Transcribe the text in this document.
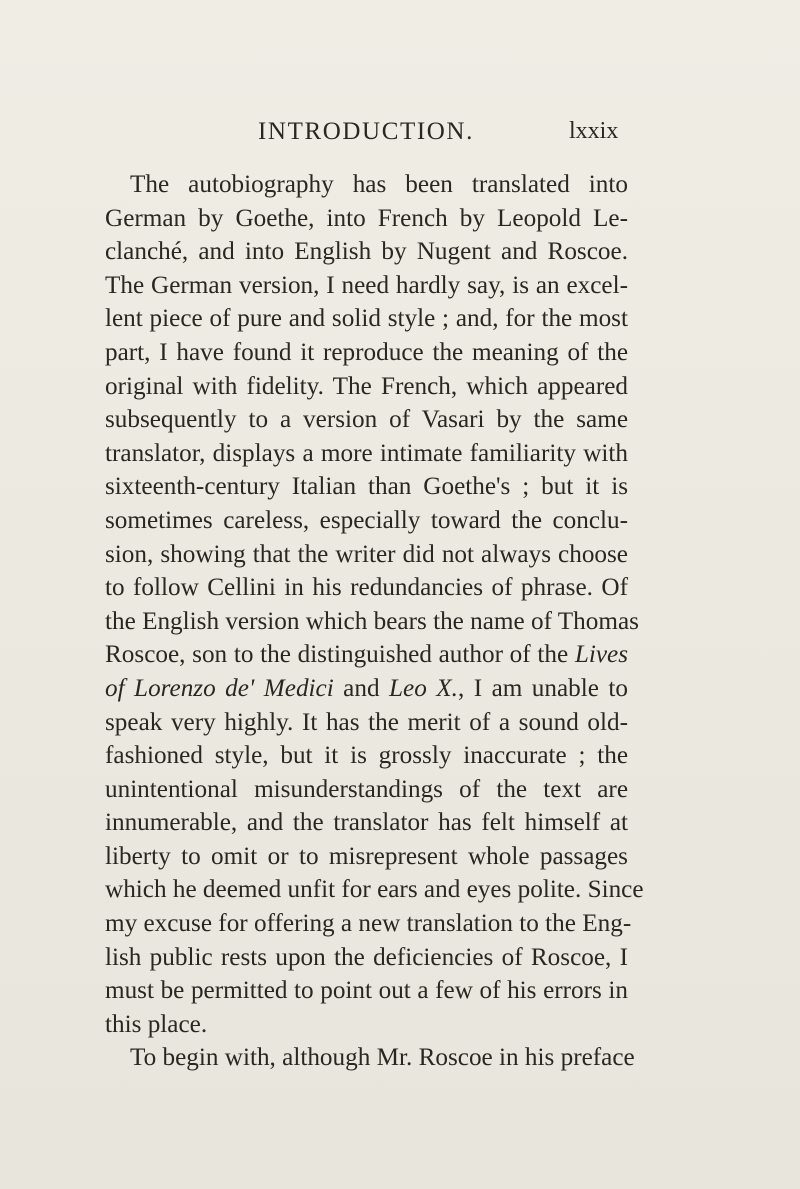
INTRODUCTION.	lxxix
The autobiography has been translated into
German by Goethe, into French by Leopold Le-
clanché, and into English by Nugent and Roscoe.
The German version, I need hardly say, is an excel-
lent piece of pure and solid style ; and, for the most
part, I have found it reproduce the meaning of the
original with fidelity. The French, which appeared
subsequently to a version of Vasari by the same
translator, displays a more intimate familiarity with
sixteenth-century Italian than Goethe's ; but it is
sometimes careless, especially toward the conclu-
sion, showing that the writer did not always choose
to follow Cellini in his redundancies of phrase. Of
the English version which bears the name of Thomas
Roscoe, son to the distinguished author of the Lives
of Lorenzo de' Medici and Leo X., I am unable to
speak very highly. It has the merit of a sound old-
fashioned style, but it is grossly inaccurate ; the
unintentional misunderstandings of the text are
innumerable, and the translator has felt himself at
liberty to omit or to misrepresent whole passages
which he deemed unfit for ears and eyes polite. Since
my excuse for offering a new translation to the Eng-
lish public rests upon the deficiencies of Roscoe, I
must be permitted to point out a few of his errors in
this place.
To begin with, although Mr. Roscoe in his preface
